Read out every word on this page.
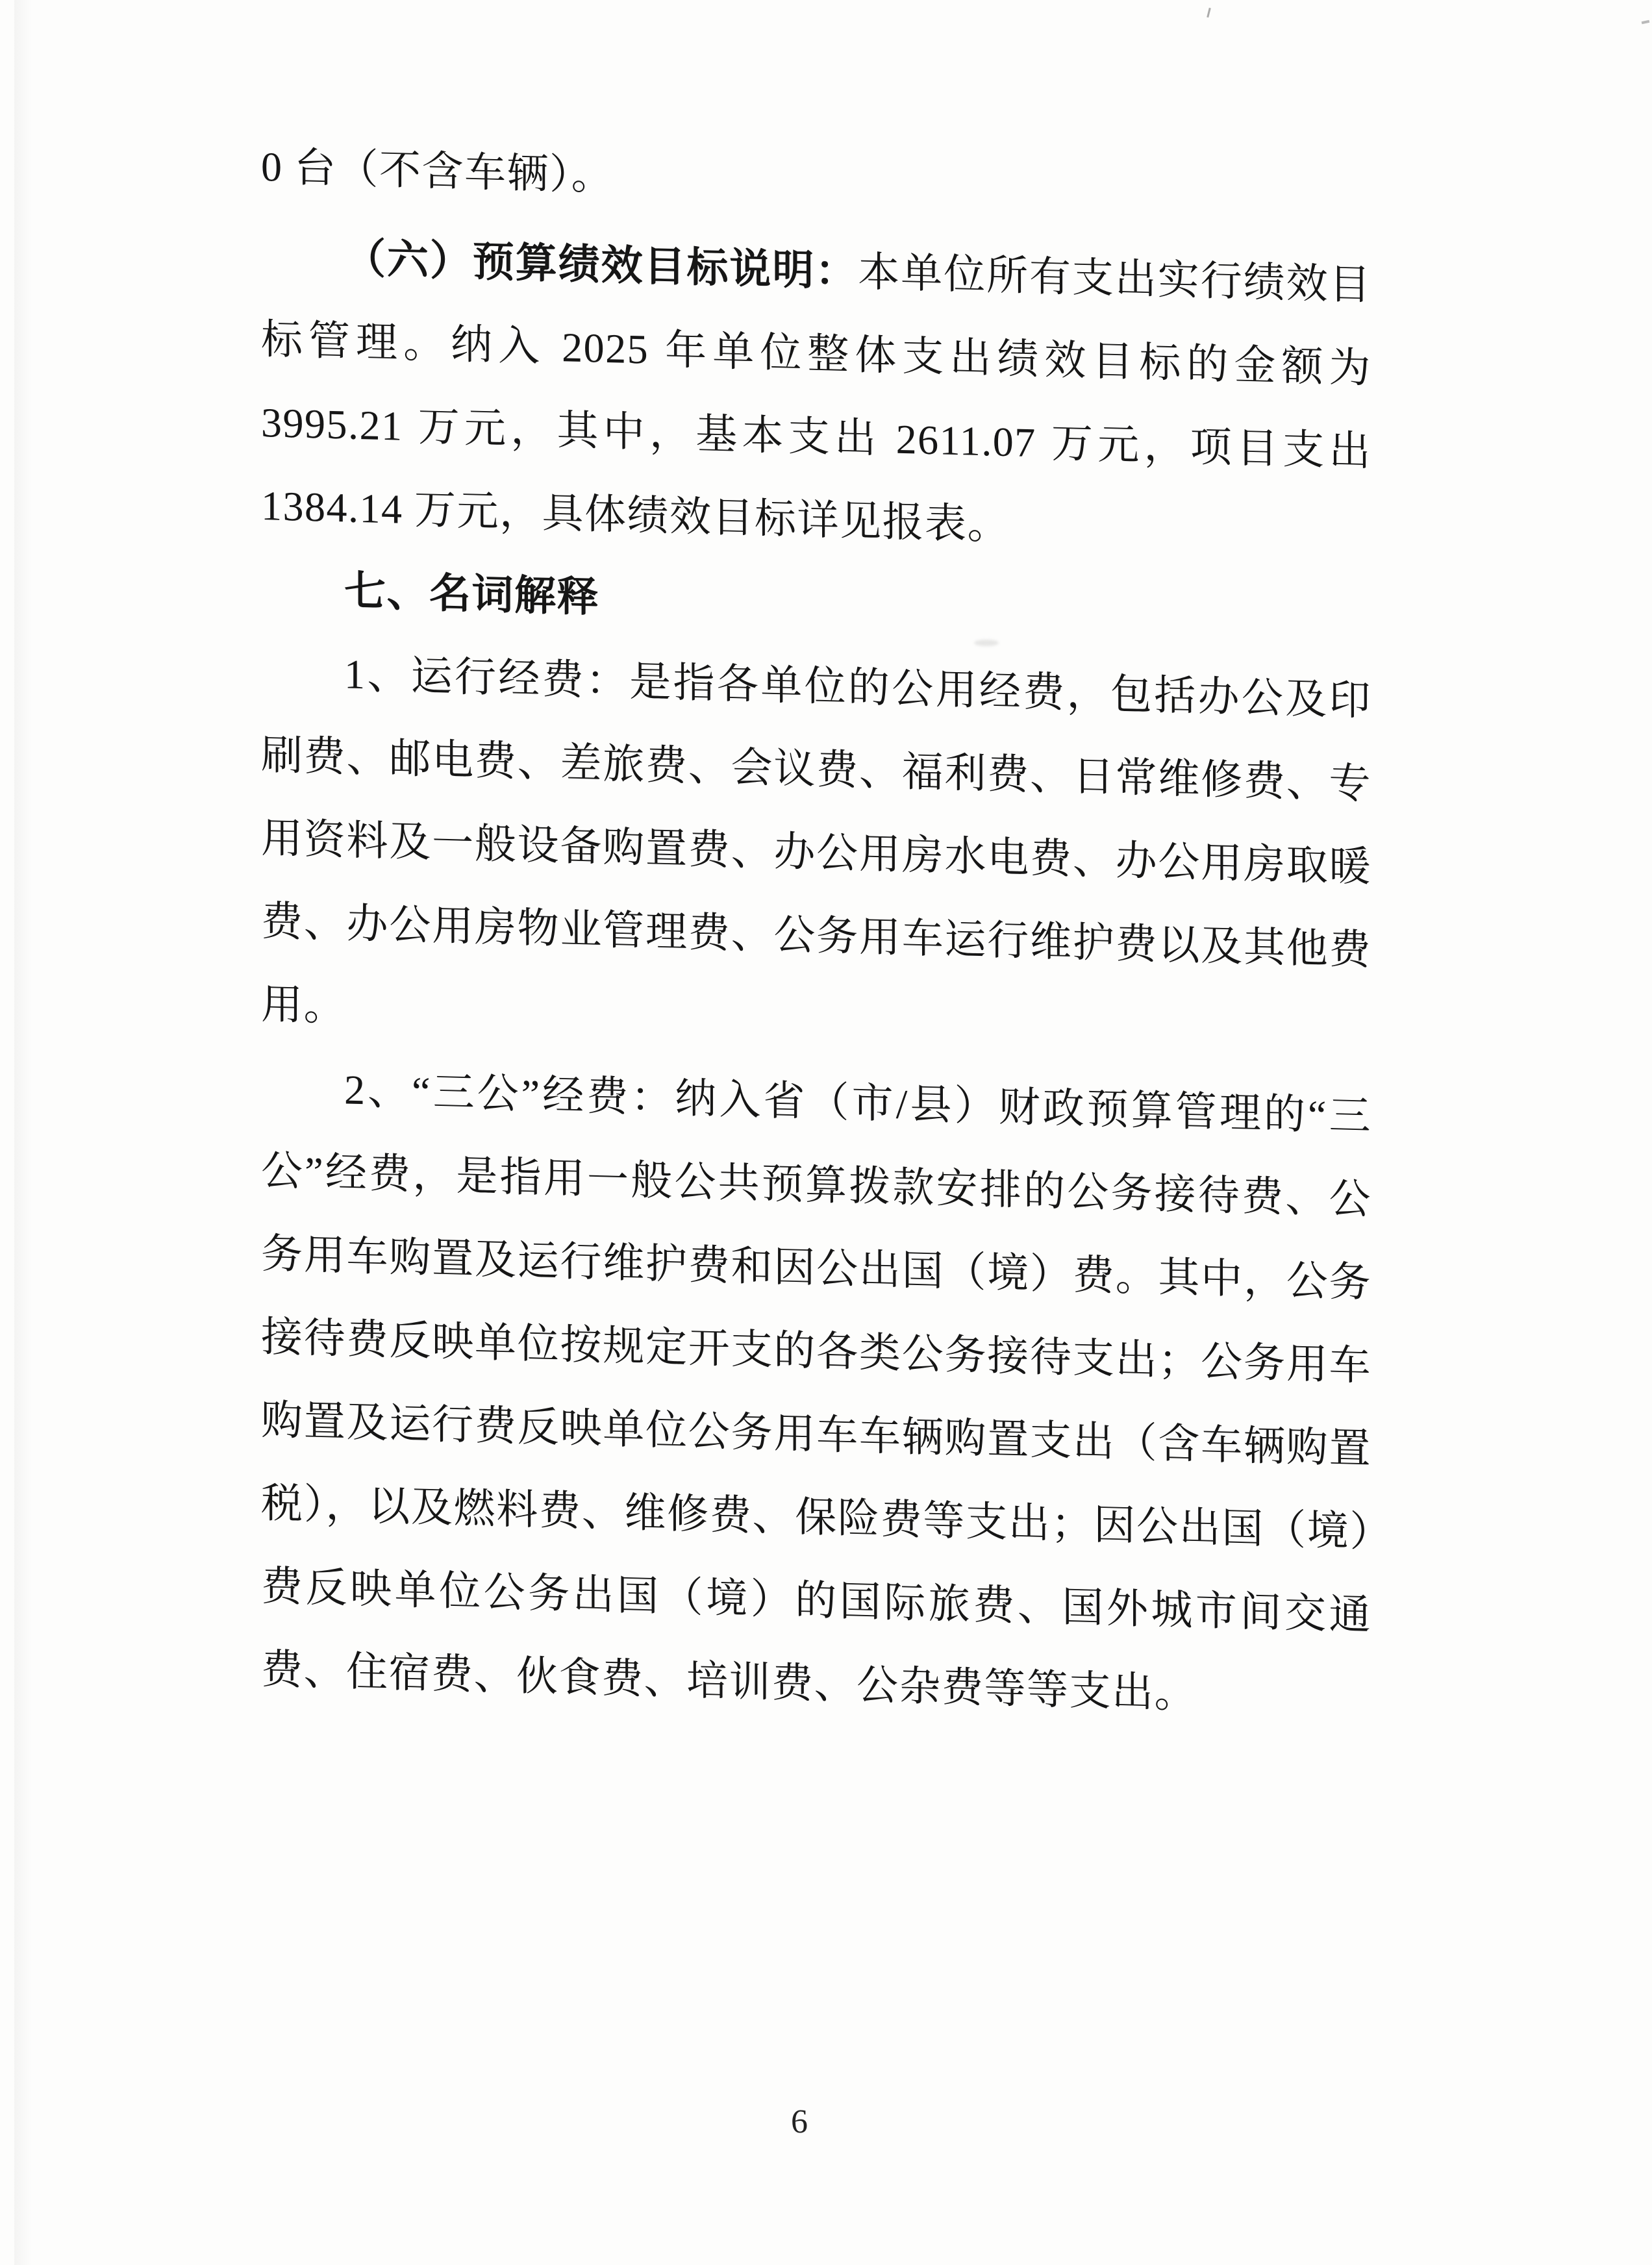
0 台（不含车辆）。

（六）预算绩效目标说明：本单位所有支出实行绩效目标管理。纳入 2025 年单位整体支出绩效目标的金额为 3995.21 万元，其中，基本支出 2611.07 万元，项目支出 1384.14 万元，具体绩效目标详见报表。

七、名词解释

1、运行经费：是指各单位的公用经费，包括办公及印刷费、邮电费、差旅费、会议费、福利费、日常维修费、专用资料及一般设备购置费、办公用房水电费、办公用房取暖费、办公用房物业管理费、公务用车运行维护费以及其他费用。

2、“三公”经费：纳入省（市/县）财政预算管理的“三公”经费，是指用一般公共预算拨款安排的公务接待费、公务用车购置及运行维护费和因公出国（境）费。其中，公务接待费反映单位按规定开支的各类公务接待支出；公务用车购置及运行费反映单位公务用车车辆购置支出（含车辆购置税），以及燃料费、维修费、保险费等支出；因公出国（境）费反映单位公务出国（境）的国际旅费、国外城市间交通费、住宿费、伙食费、培训费、公杂费等等支出。

6
